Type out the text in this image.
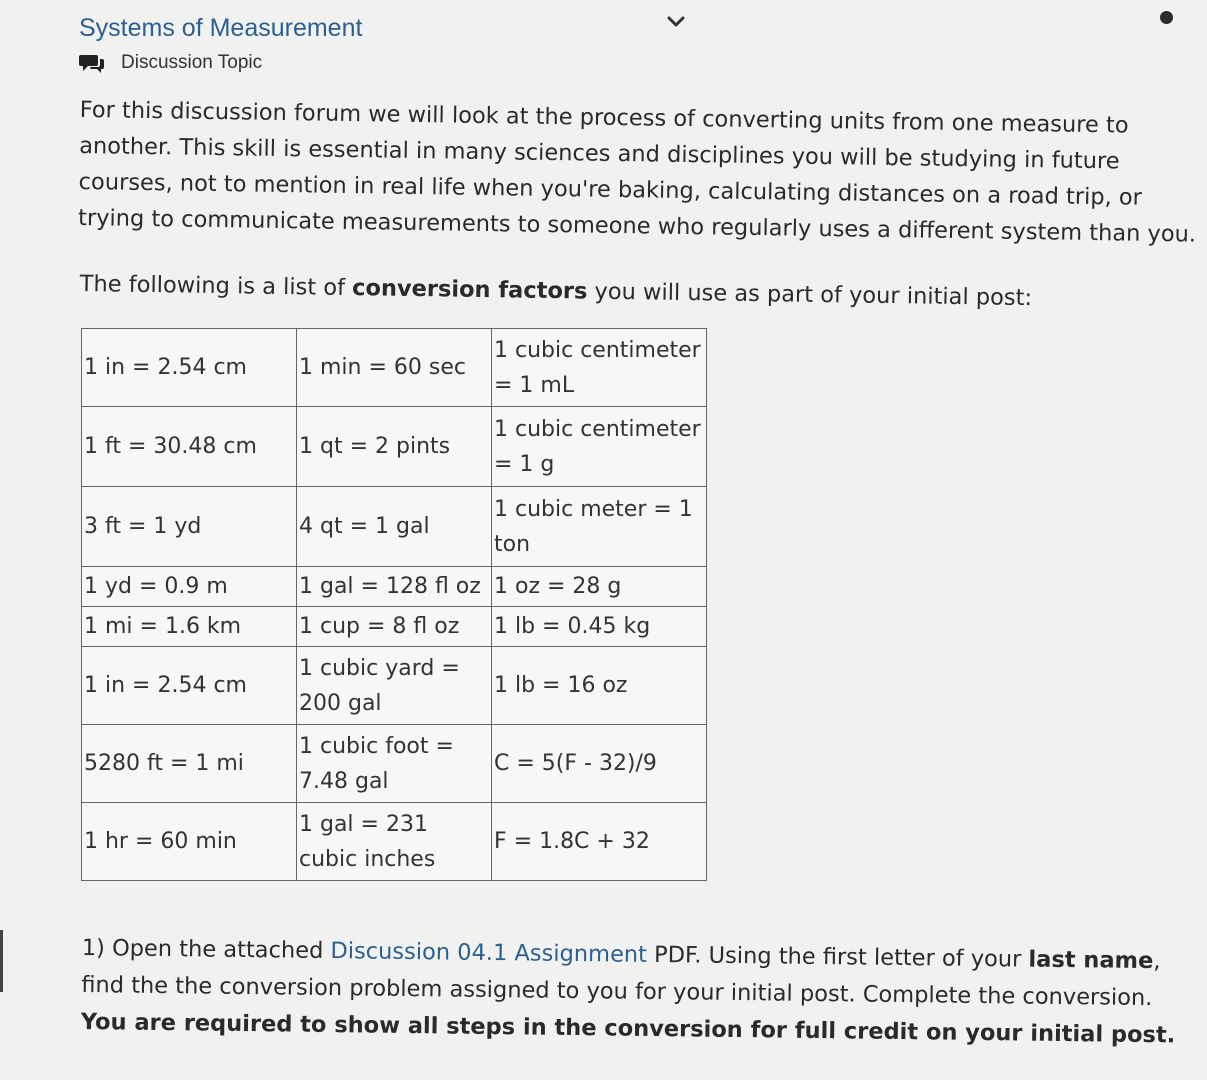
Systems of Measurement
Discussion Topic

For this discussion forum we will look at the process of converting units from one measure to another. This skill is essential in many sciences and disciplines you will be studying in future courses, not to mention in real life when you're baking, calculating distances on a road trip, or trying to communicate measurements to someone who regularly uses a different system than you.

The following is a list of conversion factors you will use as part of your initial post:

1 in = 2.54 cm	1 min = 60 sec	1 cubic centimeter = 1 mL
1 ft = 30.48 cm	1 qt = 2 pints	1 cubic centimeter = 1 g
3 ft = 1 yd	4 qt = 1 gal	1 cubic meter = 1 ton
1 yd = 0.9 m	1 gal = 128 fl oz	1 oz = 28 g
1 mi = 1.6 km	1 cup = 8 fl oz	1 lb = 0.45 kg
1 in = 2.54 cm	1 cubic yard = 200 gal	1 lb = 16 oz
5280 ft = 1 mi	1 cubic foot = 7.48 gal	C = 5(F - 32)/9
1 hr = 60 min	1 gal = 231 cubic inches	F = 1.8C + 32

1) Open the attached Discussion 04.1 Assignment PDF. Using the first letter of your last name, find the the conversion problem assigned to you for your initial post. Complete the conversion. You are required to show all steps in the conversion for full credit on your initial post.
